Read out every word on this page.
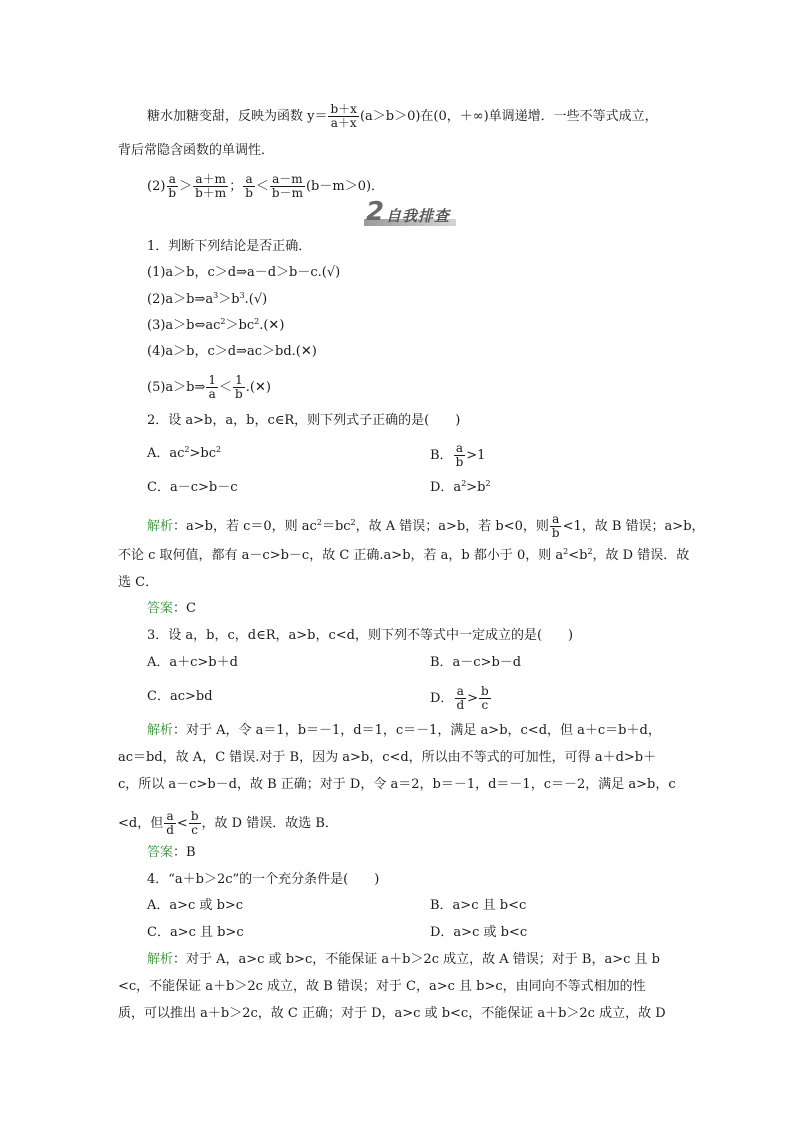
糖水加糖变甜，反映为函数 $y= \frac{b+x}{a+x} (a>b>0)$在(0，＋∞)单调递增．一些不等式成立，
背后常隐含函数的单调性．
$(2) \frac{a}{b} > \frac{a+m}{b+m}$ ； $\frac{a}{b} < \frac{a-m}{b-m} (b-m>0)$．
2 自我排查
1．判断下列结论是否正确．
(1)a＞b，c＞d⇒a－d＞b－c.(√)
$(2)a>b\Rightarrow a^3>b^3.(√)$
$(3)a>b\Leftrightarrow ac^2>bc^2.(✕)$
(4)a＞b，c＞d⇒ac＞bd.(✕)
(5)a＞b⇒ $\frac{1}{a} < \frac{1}{b}$ .(✕)
2．设 a>b，a，b，c∈R，则下列式子正确的是(　　)
A．$ac^2>bc^2$	B． $\frac{a}{b} >1$
C．a－c>b－c	D．$a^2>b^2$
解析：a>b，若 c＝0，则 $ac^2=bc^2$，故 A 错误；a>b，若 b<0，则 $\frac{a}{b} <1$，故 B 错误；a>b，
不论 c 取何值，都有 a－c>b－c，故 C 正确.a>b，若 a，b 都小于 0，则 $a^2<b^2$，故 D 错误．故
选 C．
答案：C
3．设 a，b，c，d∈R，a>b，c<d，则下列不等式中一定成立的是(　　)
A．a＋c>b＋d	B．a－c>b－d
C．ac>bd	D． $\frac{a}{d} > \frac{b}{c}$
解析：对于 A，令 a＝1，b＝－1，d＝1，c＝－1，满足 a>b，c<d，但 a＋c＝b＋d，
ac＝bd，故 A，C 错误.对于 B，因为 a>b，c<d，所以由不等式的可加性，可得 a＋d>b＋
c，所以 a－c>b－d，故 B 正确；对于 D，令 a＝2，b＝－1，d＝－1，c＝－2，满足 a>b，c
<d，但 $\frac{a}{d} < \frac{b}{c}$ ，故 D 错误．故选 B．
答案：B
4．“a＋b＞2c”的一个充分条件是(　　)
A．a>c 或 b>c	B．a>c 且 b<c
C．a>c 且 b>c	D．a>c 或 b<c
解析：对于 A，a>c 或 b>c，不能保证 a＋b＞2c 成立，故 A 错误；对于 B，a>c 且 b
<c，不能保证 a＋b＞2c 成立，故 B 错误；对于 C，a>c 且 b>c，由同向不等式相加的性
质，可以推出 a＋b＞2c，故 C 正确；对于 D，a>c 或 b<c，不能保证 a＋b＞2c 成立，故 D
